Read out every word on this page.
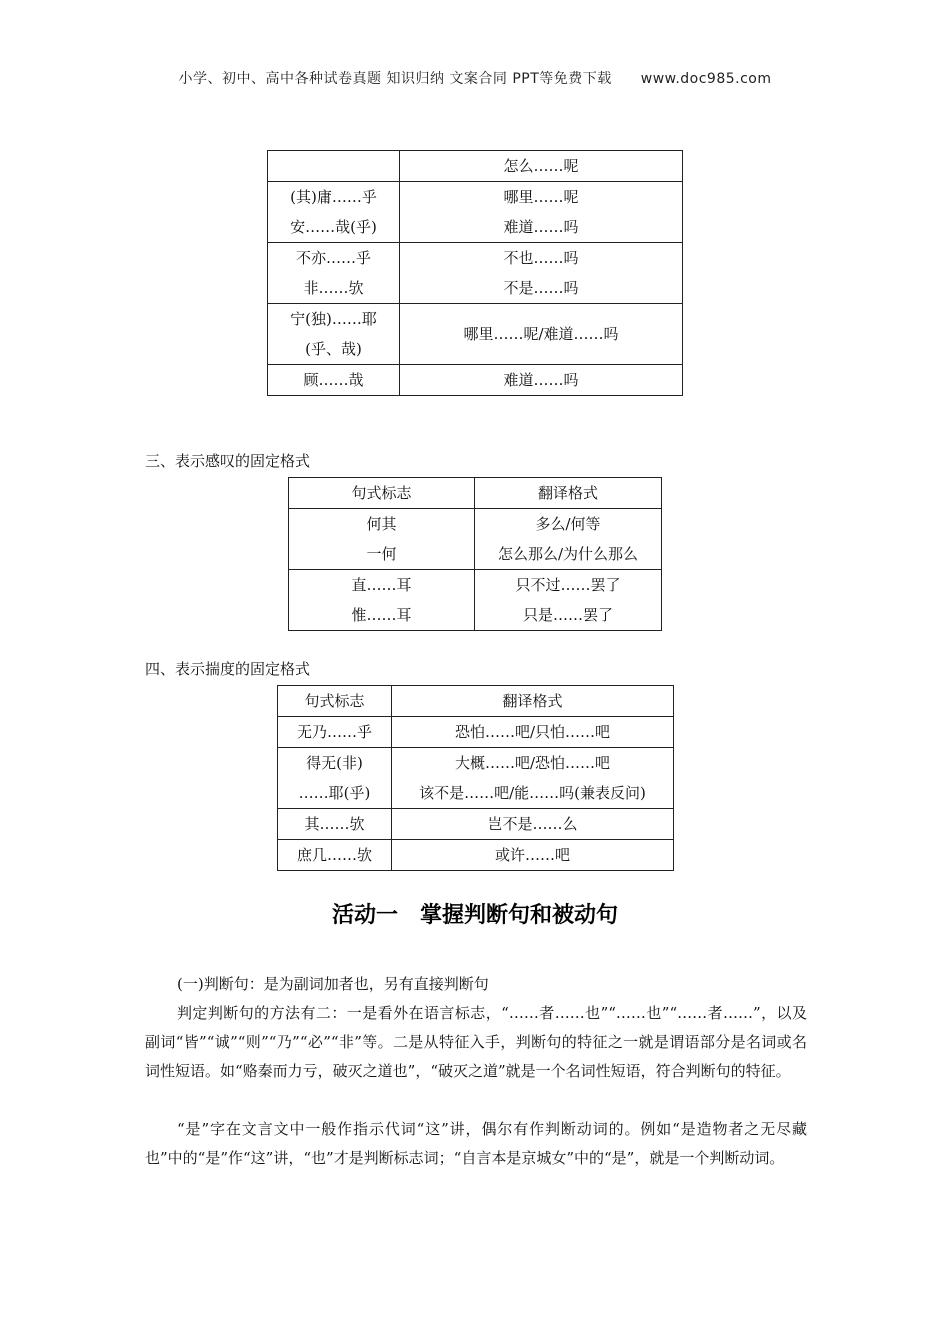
小学、初中、高中各种试卷真题 知识归纳 文案合同 PPT等免费下载 www.doc985.com

	怎么……呢

(其)庸……乎
安……哉(乎)	哪里……呢
难道……吗

不亦……乎
非……欤	不也……吗
不是……吗

宁(独)……耶
(乎、哉)	哪里……呢/难道……吗

顾……哉	难道……吗
三、表示感叹的固定格式
句式标志	翻译格式

何其
一何	多么/何等
怎么那么/为什么那么

直……耳
惟……耳	只不过……罢了
只是……罢了
四、表示揣度的固定格式
句式标志	翻译格式

无乃……乎	恐怕……吧/只怕……吧

得无(非)
……耶(乎)	大概……吧/恐怕……吧
该不是……吧/能……吗(兼表反问)

其……欤	岂不是……么

庶几……欤	或许……吧
活动一　掌握判断句和被动句
(一)判断句：是为副词加者也，另有直接判断句
判定判断句的方法有二：一是看外在语言标志，“……者……也”“……也”“……者……”，以及副词“皆”“诚”“则”“乃”“必”“非”等。二是从特征入手，判断句的特征之一就是谓语部分是名词或名词性短语。如“赂秦而力亏，破灭之道也”，“破灭之道”就是一个名词性短语，符合判断句的特征。
“是”字在文言文中一般作指示代词“这”讲，偶尔有作判断动词的。例如“是造物者之无尽藏也”中的“是”作“这”讲，“也”才是判断标志词；“自言本是京城女”中的“是”，就是一个判断动词。
